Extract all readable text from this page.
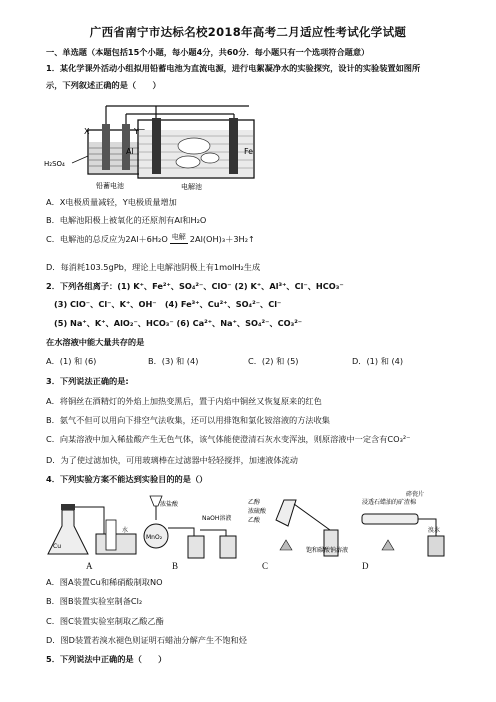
广西省南宁市达标名校2018年高考二月适应性考试化学试题
一、单选题（本题包括15个小题，每小题4分，共60分．每小题只有一个选项符合题意）
1．某化学课外活动小组拟用铅蓄电池为直流电源，进行电絮凝净水的实验探究，设计的实验装置如图所
示，下列叙述正确的是（　　）
X	Y
H₂SO₄
铅蓄电池
Al	Fe
电解池
A．X电极质量减轻，Y电极质量增加
B．电解池阳极上被氧化的还原剂有Al和H₂O
C．电解池的总反应为2Al＋6H₂O 电解 2Al(OH)₃＋3H₂↑
D．每消耗103.5gPb，理论上电解池阴极上有1molH₂生成
2．下列各组离子：(1) K⁺、Fe²⁺、SO₄²⁻、ClO⁻ (2) K⁺、Al³⁺、Cl⁻、HCO₃⁻
(3) ClO⁻、Cl⁻、K⁺、OH⁻　(4) Fe³⁺、Cu²⁺、SO₄²⁻、Cl⁻
(5) Na⁺、K⁺、AlO₂⁻、HCO₃⁻ (6) Ca²⁺、Na⁺、SO₄²⁻、CO₃²⁻
在水溶液中能大量共存的是
A．(1) 和 (6)	B．(3) 和 (4)	C．(2) 和 (5)	D．(1) 和 (4)
3．下列说法正确的是:
A．将铜丝在酒精灯的外焰上加热变黑后，置于内焰中铜丝又恢复原来的红色
B．氨气不但可以用向下排空气法收集，还可以用排饱和氯化铵溶液的方法收集
C．向某溶液中加入稀盐酸产生无色气体，该气体能使澄清石灰水变浑浊，则原溶液中一定含有CO₃²⁻
D．为了使过滤加快，可用玻璃棒在过滤器中轻轻搅拌，加速液体流动
4．下列实验方案不能达到实验目的的是（）
Cu
水
浓盐酸
MnO₂
NaOH溶液
乙醇
浓硫酸
乙酸
饱和碳酸钠溶液
浸透石蜡油的矿渣棉
碎瓷片
溴水
A	B	C	D
A．图A装置Cu和稀硝酸制取NO
B．图B装置实验室制备Cl₂
C．图C装置实验室制取乙酸乙酯
D．图D装置若溴水褪色则证明石蜡油分解产生不饱和烃
5．下列说法中正确的是（　　）
